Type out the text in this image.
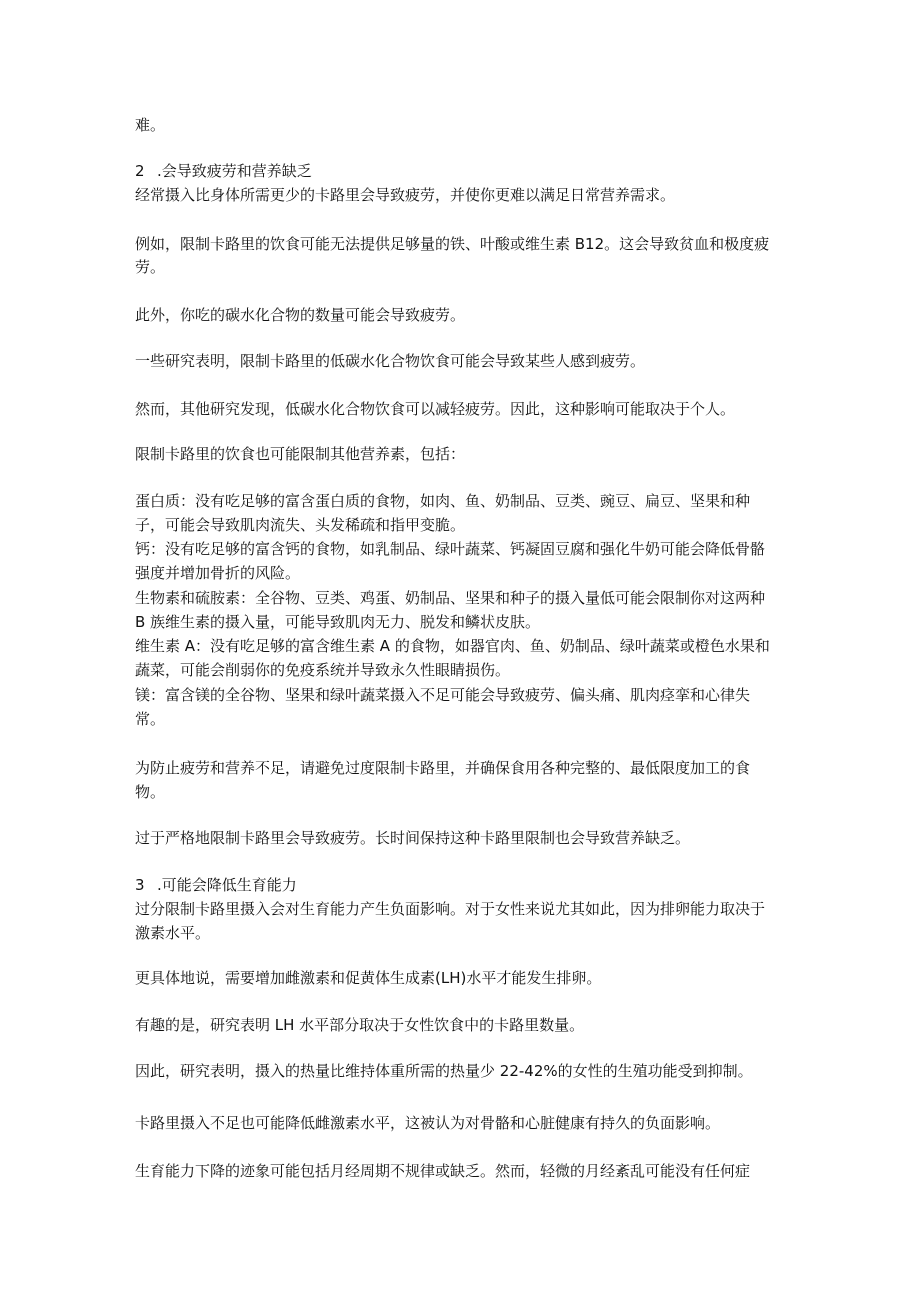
难。
2 .会导致疲劳和营养缺乏
经常摄入比身体所需更少的卡路里会导致疲劳，并使你更难以满足日常营养需求。
例如，限制卡路里的饮食可能无法提供足够量的铁、叶酸或维生素 B12。这会导致贫血和极度疲
劳。
此外，你吃的碳水化合物的数量可能会导致疲劳。
一些研究表明，限制卡路里的低碳水化合物饮食可能会导致某些人感到疲劳。
然而，其他研究发现，低碳水化合物饮食可以减轻疲劳。因此，这种影响可能取决于个人。
限制卡路里的饮食也可能限制其他营养素，包括：
蛋白质：没有吃足够的富含蛋白质的食物，如肉、鱼、奶制品、豆类、豌豆、扁豆、坚果和种
子，可能会导致肌肉流失、头发稀疏和指甲变脆。
钙：没有吃足够的富含钙的食物，如乳制品、绿叶蔬菜、钙凝固豆腐和强化牛奶可能会降低骨骼
强度并增加骨折的风险。
生物素和硫胺素：全谷物、豆类、鸡蛋、奶制品、坚果和种子的摄入量低可能会限制你对这两种
B 族维生素的摄入量，可能导致肌肉无力、脱发和鳞状皮肤。
维生素 A：没有吃足够的富含维生素 A 的食物，如器官肉、鱼、奶制品、绿叶蔬菜或橙色水果和
蔬菜，可能会削弱你的免疫系统并导致永久性眼睛损伤。
镁：富含镁的全谷物、坚果和绿叶蔬菜摄入不足可能会导致疲劳、偏头痛、肌肉痉挛和心律失
常。
为防止疲劳和营养不足，请避免过度限制卡路里，并确保食用各种完整的、最低限度加工的食
物。
过于严格地限制卡路里会导致疲劳。长时间保持这种卡路里限制也会导致营养缺乏。
3 .可能会降低生育能力
过分限制卡路里摄入会对生育能力产生负面影响。对于女性来说尤其如此，因为排卵能力取决于
激素水平。
更具体地说，需要增加雌激素和促黄体生成素(LH)水平才能发生排卵。
有趣的是，研究表明 LH 水平部分取决于女性饮食中的卡路里数量。
因此，研究表明，摄入的热量比维持体重所需的热量少 22-42%的女性的生殖功能受到抑制。
卡路里摄入不足也可能降低雌激素水平，这被认为对骨骼和心脏健康有持久的负面影响。
生育能力下降的迹象可能包括月经周期不规律或缺乏。然而，轻微的月经紊乱可能没有任何症
